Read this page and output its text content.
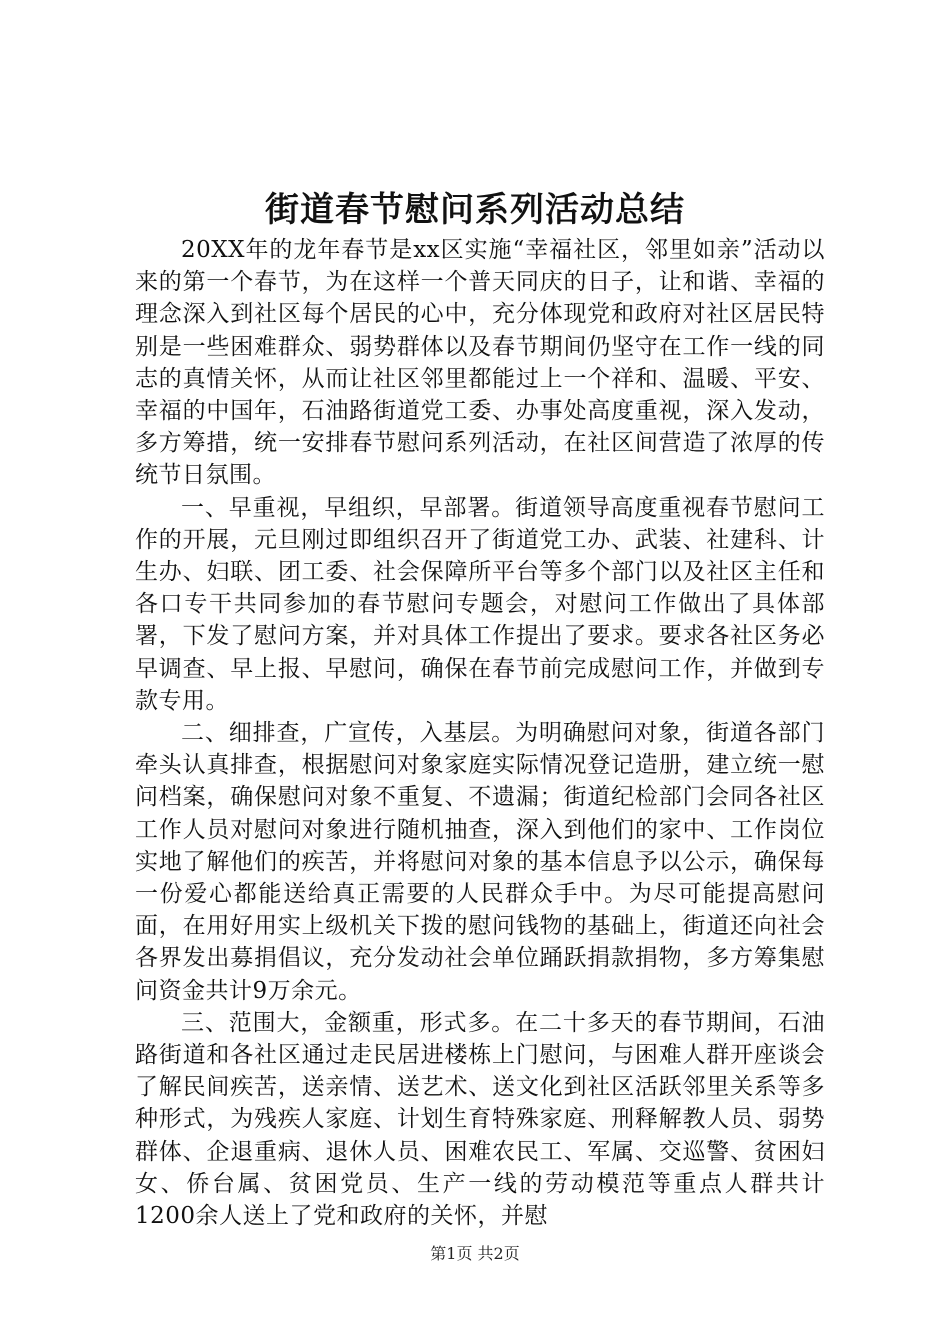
街道春节慰问系列活动总结

20XX年的龙年春节是xx区实施“幸福社区，邻里如亲”活动以来的第一个春节，为在这样一个普天同庆的日子，让和谐、幸福的理念深入到社区每个居民的心中，充分体现党和政府对社区居民特别是一些困难群众、弱势群体以及春节期间仍坚守在工作一线的同志的真情关怀，从而让社区邻里都能过上一个祥和、温暖、平安、幸福的中国年，石油路街道党工委、办事处高度重视，深入发动，多方筹措，统一安排春节慰问系列活动，在社区间营造了浓厚的传统节日氛围。

一、早重视，早组织，早部署。街道领导高度重视春节慰问工作的开展，元旦刚过即组织召开了街道党工办、武装、社建科、计生办、妇联、团工委、社会保障所平台等多个部门以及社区主任和各口专干共同参加的春节慰问专题会，对慰问工作做出了具体部署，下发了慰问方案，并对具体工作提出了要求。要求各社区务必早调查、早上报、早慰问，确保在春节前完成慰问工作，并做到专款专用。

二、细排查，广宣传，入基层。为明确慰问对象，街道各部门牵头认真排查，根据慰问对象家庭实际情况登记造册，建立统一慰问档案，确保慰问对象不重复、不遗漏；街道纪检部门会同各社区工作人员对慰问对象进行随机抽查，深入到他们的家中、工作岗位实地了解他们的疾苦，并将慰问对象的基本信息予以公示，确保每一份爱心都能送给真正需要的人民群众手中。为尽可能提高慰问面，在用好用实上级机关下拨的慰问钱物的基础上，街道还向社会各界发出募捐倡议，充分发动社会单位踊跃捐款捐物，多方筹集慰问资金共计9万余元。

三、范围大，金额重，形式多。在二十多天的春节期间，石油路街道和各社区通过走民居进楼栋上门慰问，与困难人群开座谈会了解民间疾苦，送亲情、送艺术、送文化到社区活跃邻里关系等多种形式，为残疾人家庭、计划生育特殊家庭、刑释解教人员、弱势群体、企退重病、退休人员、困难农民工、军属、交巡警、贫困妇女、侨台属、贫困党员、生产一线的劳动模范等重点人群共计1200余人送上了党和政府的关怀，并慰

第1页 共2页
